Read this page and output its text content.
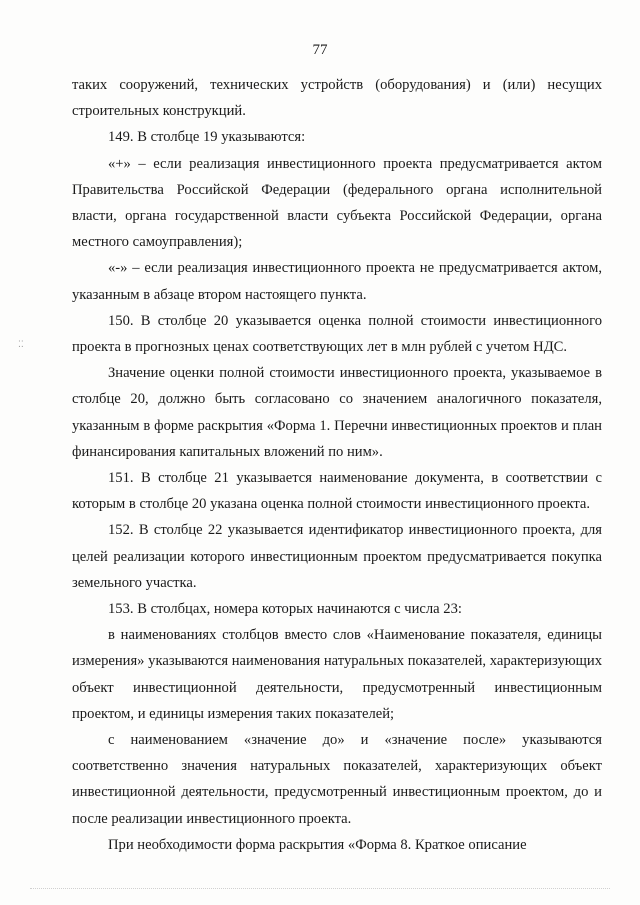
77
⁚⁚

таких сооружений, технических устройств (оборудования) и (или) несущих строительных конструкций.

149. В столбце 19 указываются:

«+» – если реализация инвестиционного проекта предусматривается актом Правительства Российской Федерации (федерального органа исполнительной власти, органа государственной власти субъекта Российской Федерации, органа местного самоуправления);

«-» – если реализация инвестиционного проекта не предусматривается актом, указанным в абзаце втором настоящего пункта.

150. В столбце 20 указывается оценка полной стоимости инвестиционного проекта в прогнозных ценах соответствующих лет в млн рублей с учетом НДС.

Значение оценки полной стоимости инвестиционного проекта, указываемое в столбце 20, должно быть согласовано со значением аналогичного показателя, указанным в форме раскрытия «Форма 1. Перечни инвестиционных проектов и план финансирования капитальных вложений по ним».

151. В столбце 21 указывается наименование документа, в соответствии с которым в столбце 20 указана оценка полной стоимости инвестиционного проекта.

152. В столбце 22 указывается идентификатор инвестиционного проекта, для целей реализации которого инвестиционным проектом предусматривается покупка земельного участка.

153. В столбцах, номера которых начинаются с числа 23:

в наименованиях столбцов вместо слов «Наименование показателя, единицы измерения» указываются наименования натуральных показателей, характеризующих объект инвестиционной деятельности, предусмотренный инвестиционным проектом, и единицы измерения таких показателей;

с наименованием «значение до» и «значение после» указываются соответственно значения натуральных показателей, характеризующих объект инвестиционной деятельности, предусмотренный инвестиционным проектом, до и после реализации инвестиционного проекта.

При необходимости форма раскрытия «Форма 8. Краткое описание
